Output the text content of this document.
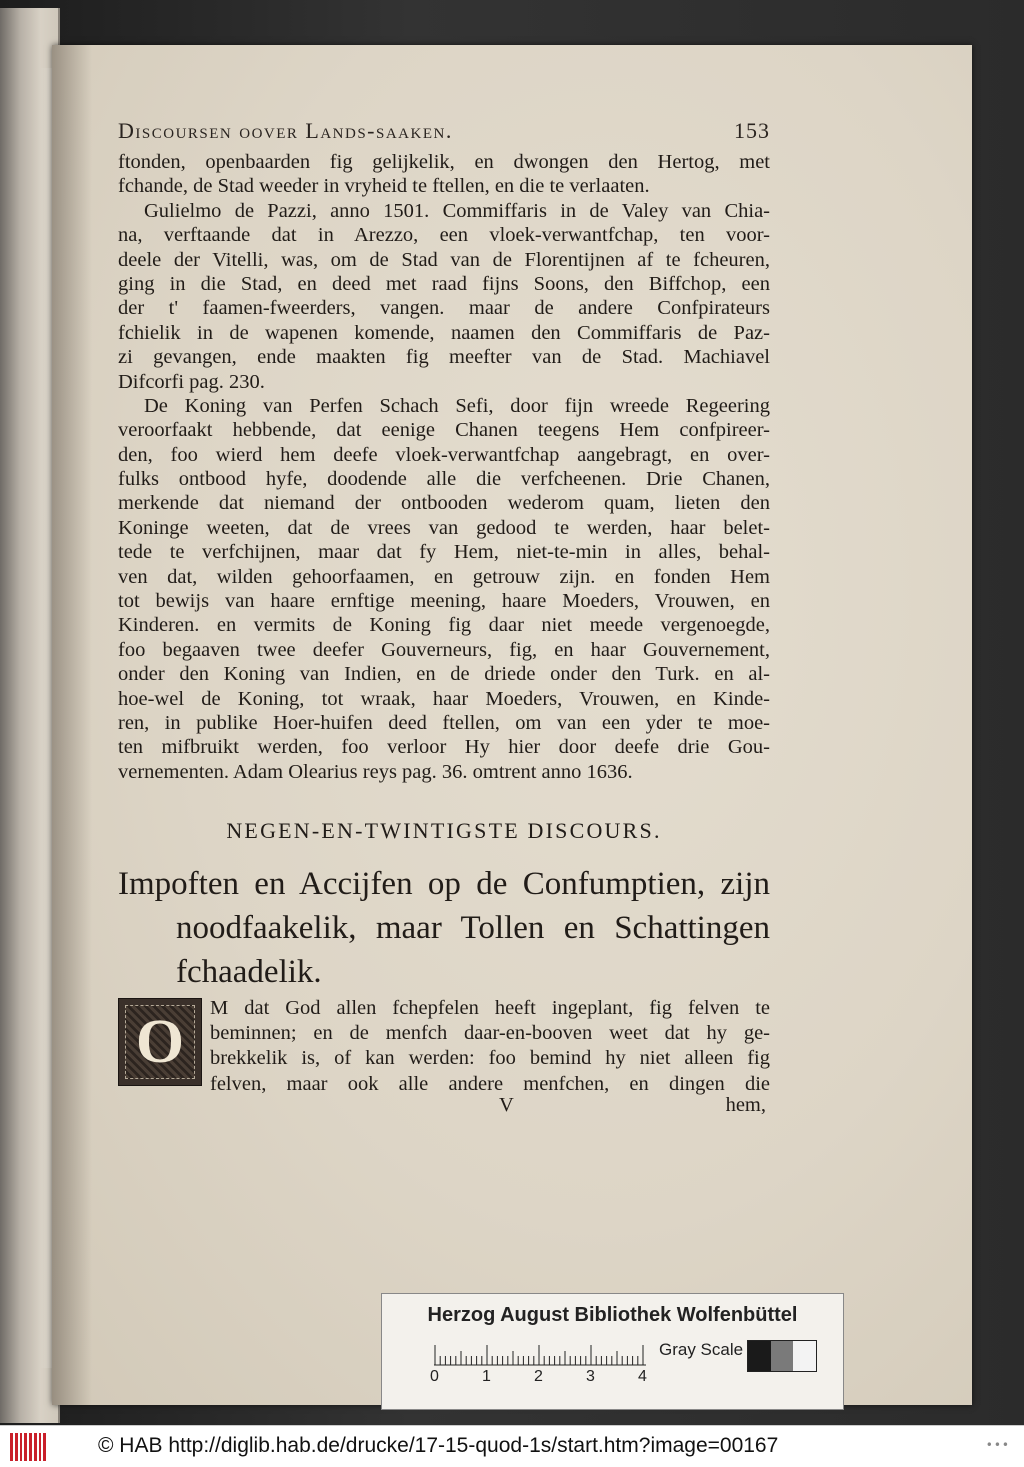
Discoursen oover Lands-saaken.	153
ftonden, openbaarden fig gelijkelik, en dwongen den Hertog, met
fchande, de Stad weeder in vryheid te ftellen, en die te verlaaten.
Gulielmo de Pazzi, anno 1501. Commiffaris in de Valey van Chia-
na, verftaande dat in Arezzo, een vloek-verwantfchap, ten voor-
deele der Vitelli, was, om de Stad van de Florentijnen af te fcheuren,
ging in die Stad, en deed met raad fijns Soons, den Biffchop, een
der t' faamen-fweerders, vangen. maar de andere Confpirateurs
fchielik in de wapenen komende, naamen den Commiffaris de Paz-
zi gevangen, ende maakten fig meefter van de Stad. Machiavel
Difcorfi pag. 230.
De Koning van Perfen Schach Sefi, door fijn wreede Regeering
veroorfaakt hebbende, dat eenige Chanen teegens Hem confpireer-
den, foo wierd hem deefe vloek-verwantfchap aangebragt, en over-
fulks ontbood hyfe, doodende alle die verfcheenen. Drie Chanen,
merkende dat niemand der ontbooden wederom quam, lieten den
Koninge weeten, dat de vrees van gedood te werden, haar belet-
tede te verfchijnen, maar dat fy Hem, niet-te-min in alles, behal-
ven dat, wilden gehoorfaamen, en getrouw zijn. en fonden Hem
tot bewijs van haare ernftige meening, haare Moeders, Vrouwen, en
Kinderen. en vermits de Koning fig daar niet meede vergenoegde,
foo begaaven twee deefer Gouverneurs, fig, en haar Gouvernement,
onder den Koning van Indien, en de driede onder den Turk. en al-
hoe-wel de Koning, tot wraak, haar Moeders, Vrouwen, en Kinde-
ren, in publike Hoer-huifen deed ftellen, om van een yder te moe-
ten mifbruikt werden, foo verloor Hy hier door deefe drie Gou-
vernementen. Adam Olearius reys pag. 36. omtrent anno 1636.
NEGEN-EN-TWINTIGSTE DISCOURS.
Impoften en Accijfen op de Confumptien, zijn
noodfaakelik, maar Tollen en Schattingen
fchaadelik.
O	M dat God allen fchepfelen heeft ingeplant, fig felven te
beminnen; en de menfch daar-en-booven weet dat hy ge-
brekkelik is, of kan werden: foo bemind hy niet alleen fig
felven, maar ook alle andere menfchen, en dingen die
V	hem,
Herzog August Bibliothek Wolfenbüttel
0	1	2	3	4
Gray Scale
© HAB http://diglib.hab.de/drucke/17-15-quod-1s/start.htm?image=00167	•••
